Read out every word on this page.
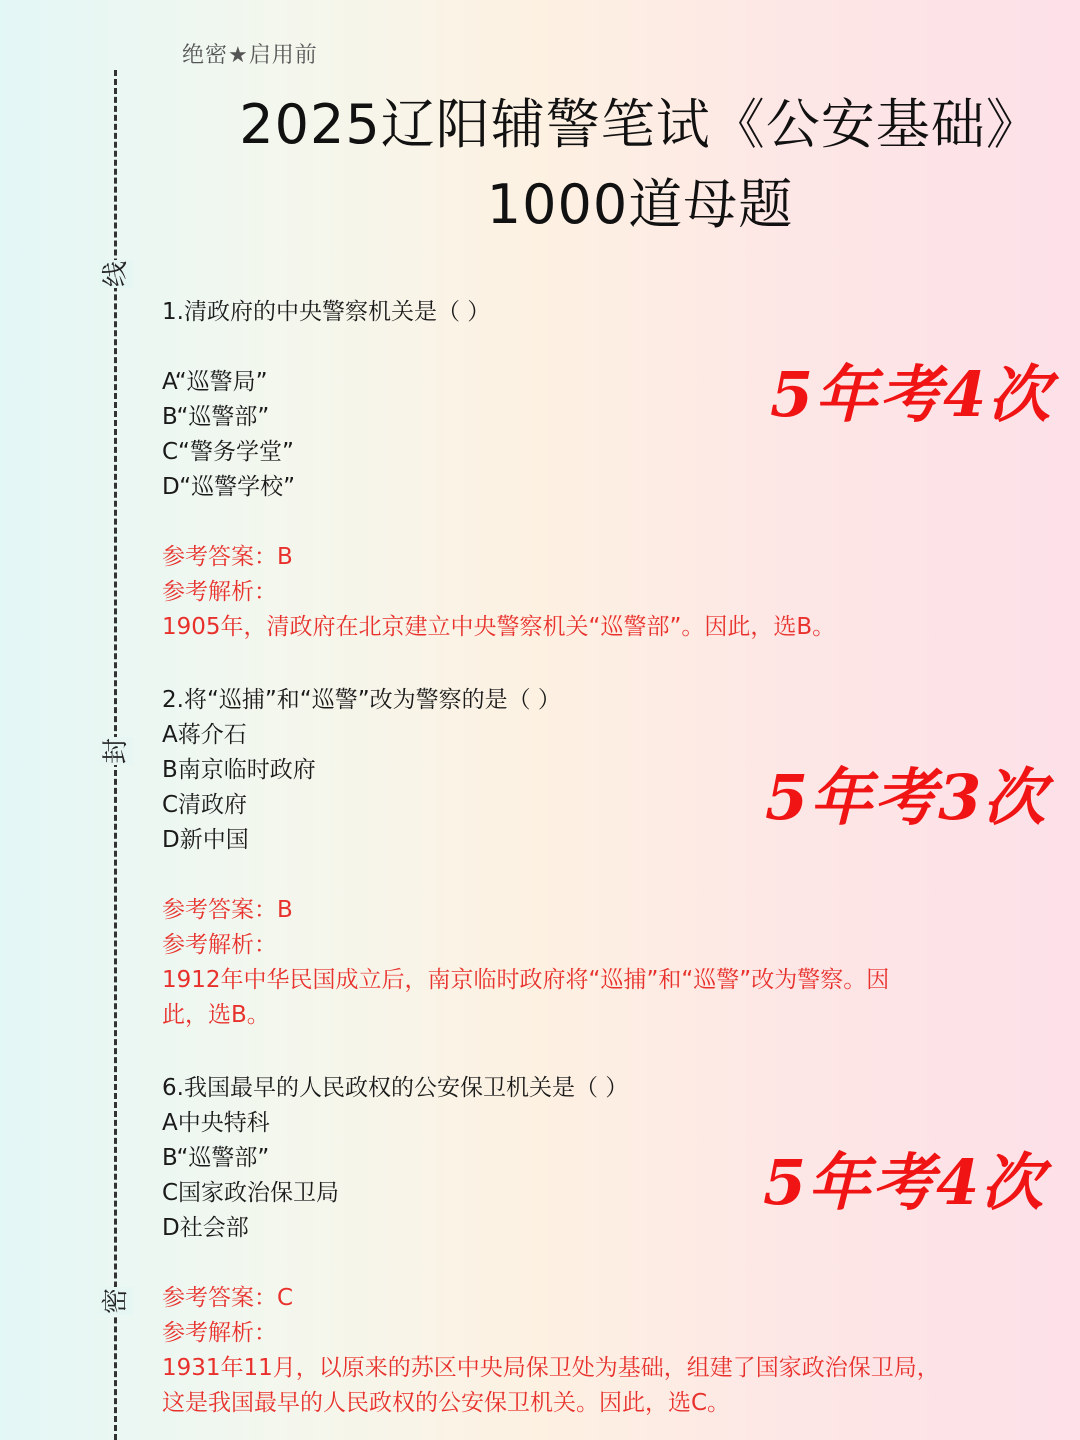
绝密★启用前
2025辽阳辅警笔试《公安基础》
1000道母题
线
封
密
1.清政府的中央警察机关是（ ）
A“巡警局”
B“巡警部”
C“警务学堂”
D“巡警学校”
参考答案：B
参考解析：
1905年，清政府在北京建立中央警察机关“巡警部”。因此，选B。
5年考4次
2.将“巡捕”和“巡警”改为警察的是（ ）
A蒋介石
B南京临时政府
C清政府
D新中国
参考答案：B
参考解析：
1912年中华民国成立后，南京临时政府将“巡捕”和“巡警”改为警察。因
此，选B。
5年考3次
6.我国最早的人民政权的公安保卫机关是（ ）
A中央特科
B“巡警部”
C国家政治保卫局
D社会部
参考答案：C
参考解析：
1931年11月，以原来的苏区中央局保卫处为基础，组建了国家政治保卫局，
这是我国最早的人民政权的公安保卫机关。因此，选C。
5年考4次
